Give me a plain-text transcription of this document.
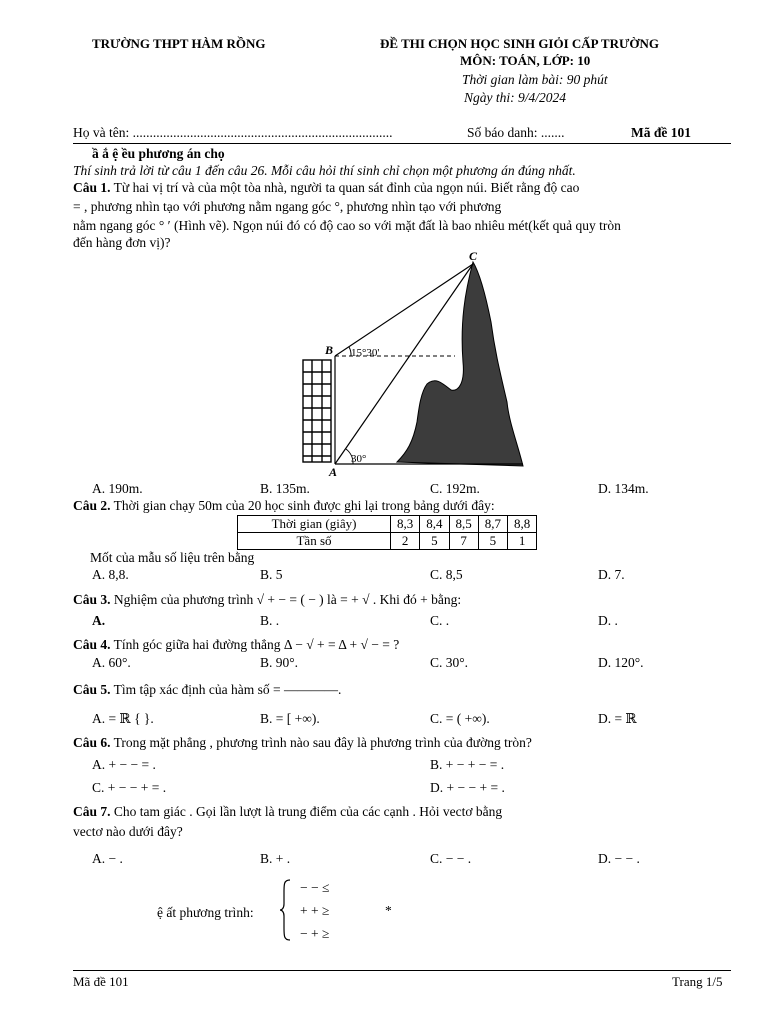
TRƯỜNG THPT HÀM RỒNG	ĐỀ THI CHỌN HỌC SINH GIỎI CẤP TRƯỜNG
MÔN: TOÁN, LỚP: 10
Thời gian làm bài: 90 phút
Ngày thi: 9/4/2024
Họ và tên: .............................................................................	Số báo danh: .......	Mã đề 101
ầ ắ ệ ều phương án chọ
Thí sinh trả lời từ câu 1 đến câu 26. Mỗi câu hỏi thí sinh chỉ chọn một phương án đúng nhất.
Câu 1. Từ hai vị trí và của một tòa nhà, người ta quan sát đỉnh của ngọn núi. Biết rằng độ cao
= , phương nhìn tạo với phương nằm ngang góc °, phương nhìn tạo với phương
nằm ngang góc ° ′ (Hình vẽ). Ngọn núi đó có độ cao so với mặt đất là bao nhiêu mét(kết quả quy tròn
đến hàng đơn vị)?
C
B
A
15°30'
30°
A. 190m.	B. 135m.	C. 192m.	D. 134m.
Câu 2. Thời gian chạy 50m của 20 học sinh được ghi lại trong bảng dưới đây:
Thời gian (giây)	8,3	8,4	8,5	8,7	8,8
Tần số	2	5	7	5	1
Mốt của mẫu số liệu trên bằng
A. 8,8.	B. 5	C. 8,5	D. 7.
Câu 3. Nghiệm của phương trình √ + − = ( − ) là = + √ . Khi đó + bằng:
A.	B. .	C. .	D. .
Câu 4. Tính góc giữa hai đường thẳng Δ − √ + = Δ + √ − = ?
A. 60°.	B. 90°.	C. 30°.	D. 120°.
Câu 5. Tìm tập xác định của hàm số = ――――.
A. = ℝ { }.	B. = [ +∞).	C. = ( +∞).	D. = ℝ
Câu 6. Trong mặt phẳng , phương trình nào sau đây là phương trình của đường tròn?
A. + − − = .	B. + − + − = .
C. + − − + = .	D. + − − + = .
Câu 7. Cho tam giác . Gọi lần lượt là trung điểm của các cạnh . Hỏi vectơ bằng
vectơ nào dưới đây?
A. − .	B. + .	C. − − .	D. − − .
ệ ất phương trình:
− − ≤
+ + ≥
− + ≥
*
Mã đề 101	Trang 1/5
